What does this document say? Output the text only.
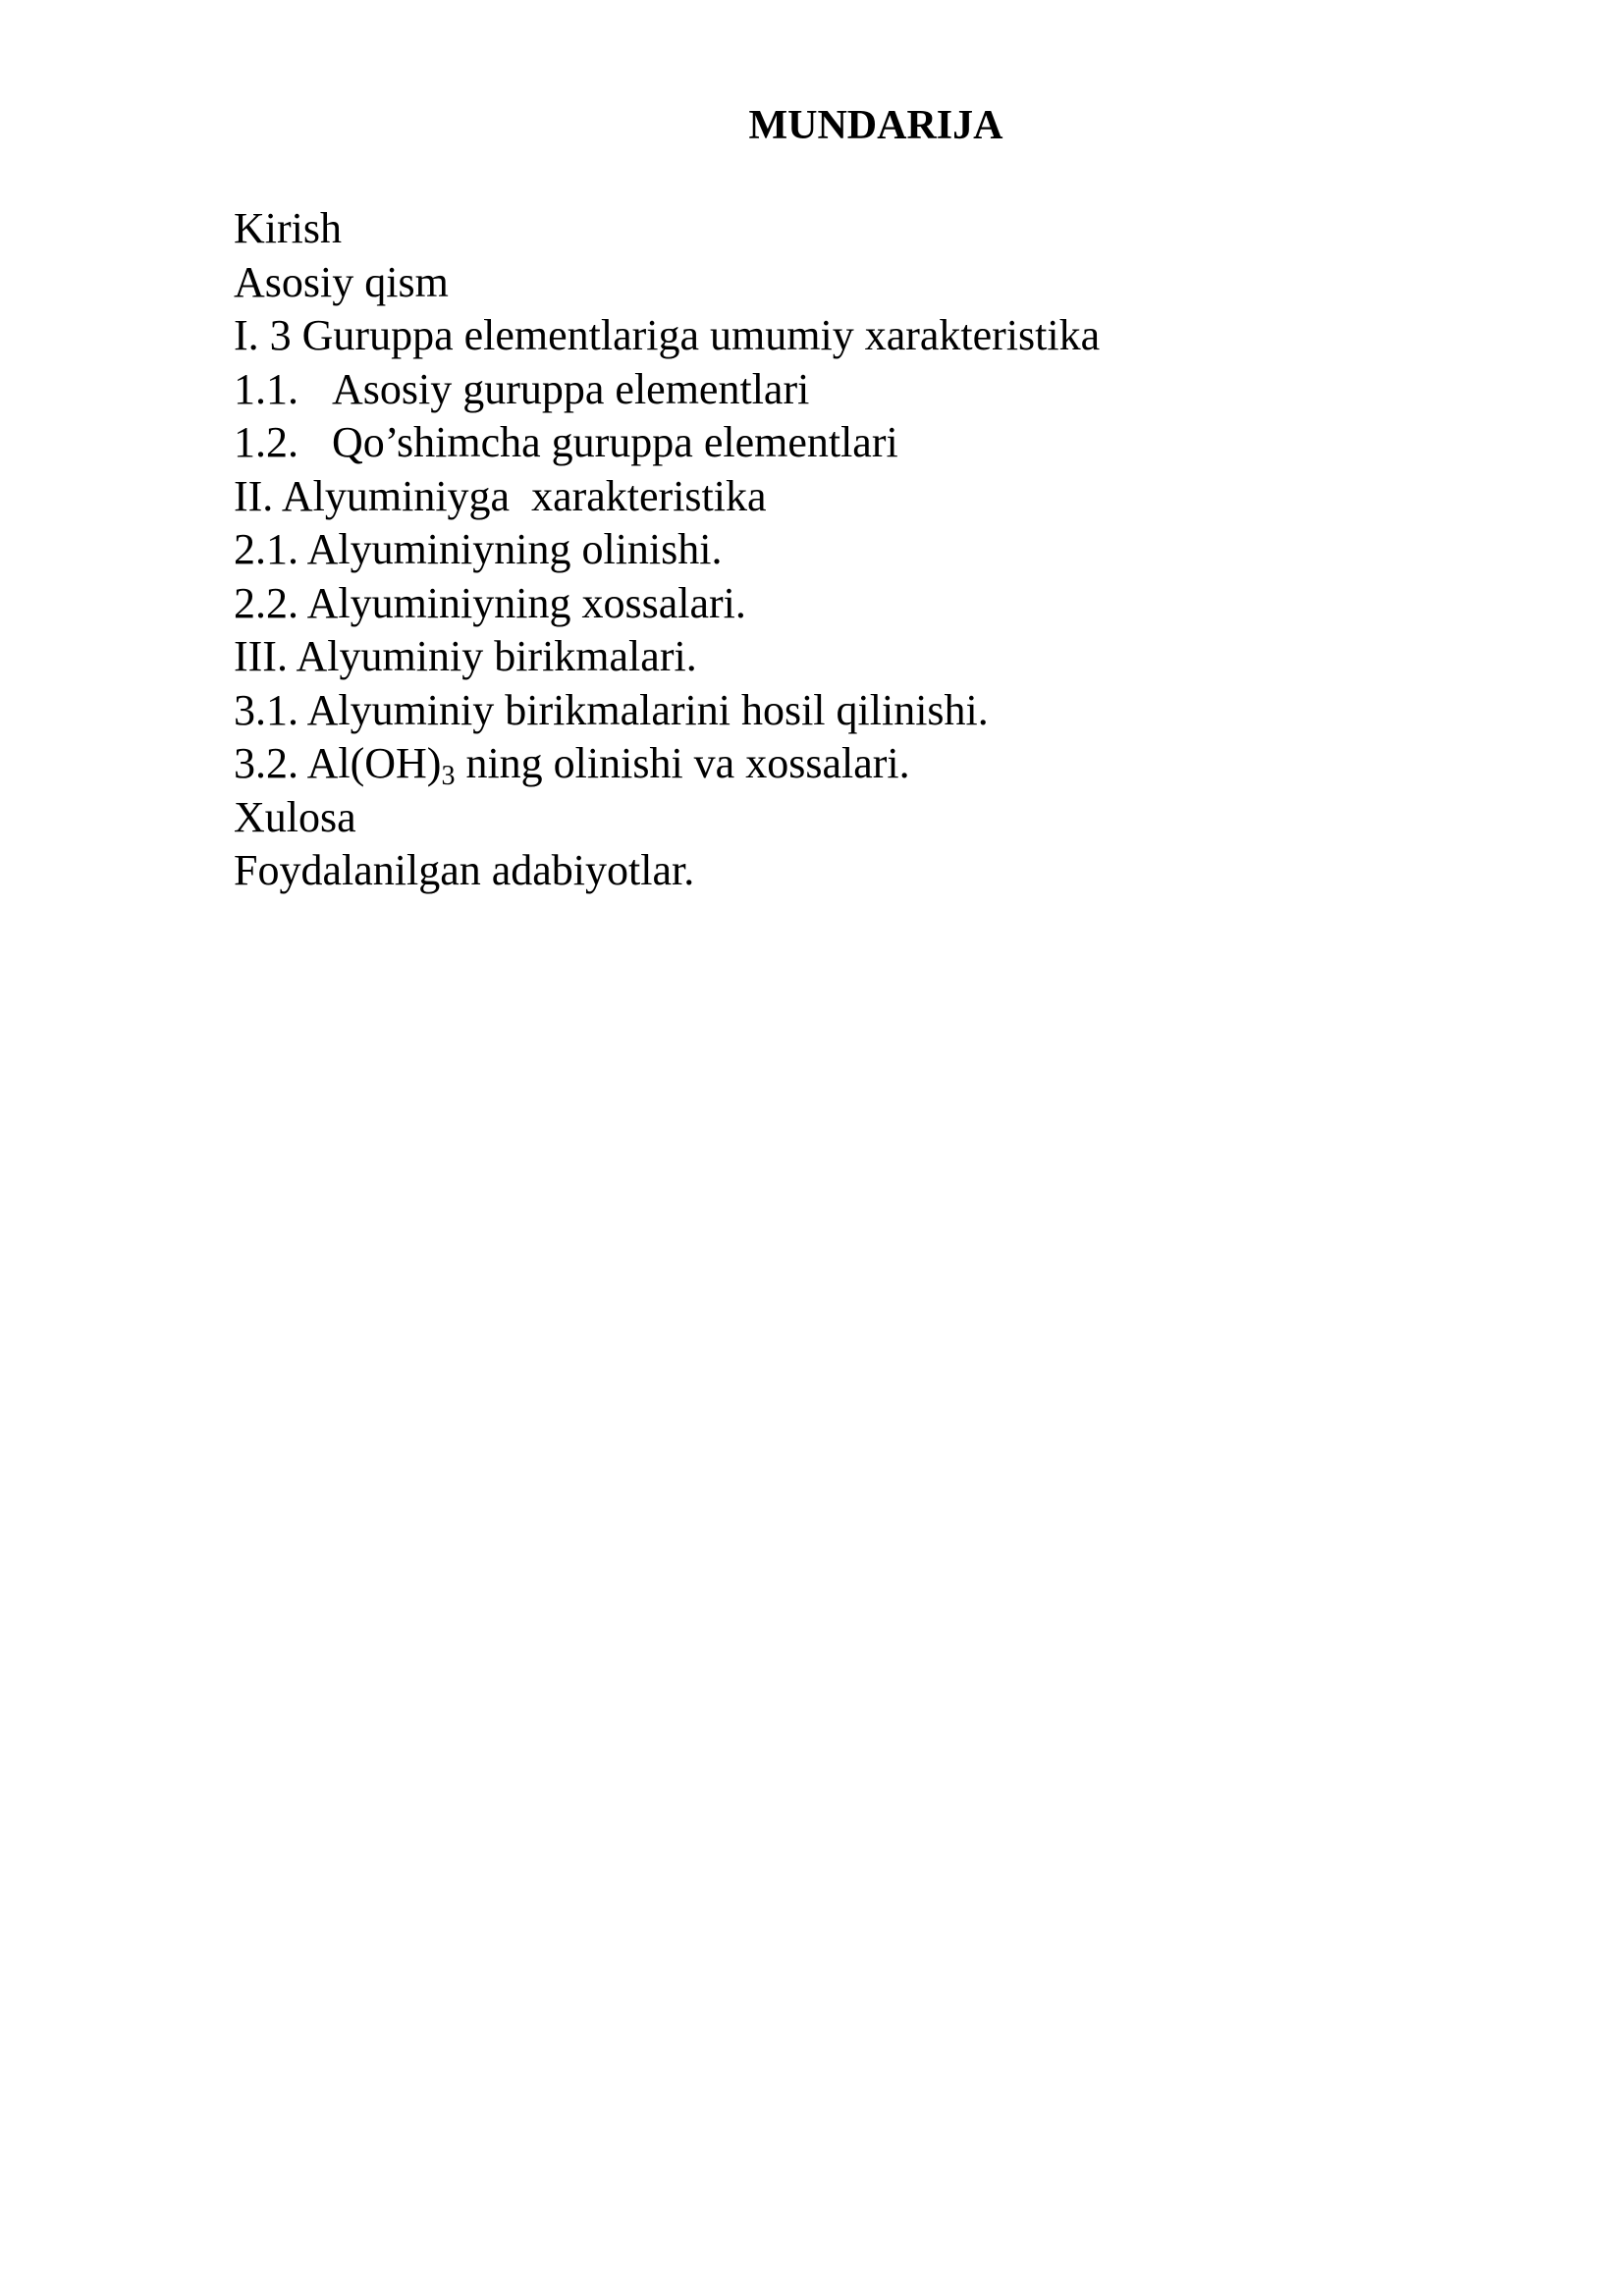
MUNDARIJA
Kirish
Asosiy qism
I. 3 Guruppa elementlariga umumiy xarakteristika
1.1. Asosiy guruppa elementlari
1.2. Qo’shimcha guruppa elementlari
II. Alyuminiyga  xarakteristika
2.1. Alyuminiyning olinishi.
2.2. Alyuminiyning xossalari.
III. Alyuminiy birikmalari.
3.1. Alyuminiy birikmalarini hosil qilinishi.
3.2. $Al(OH)_3$ ning olinishi va xossalari.
Xulosa
Foydalanilgan adabiyotlar.
